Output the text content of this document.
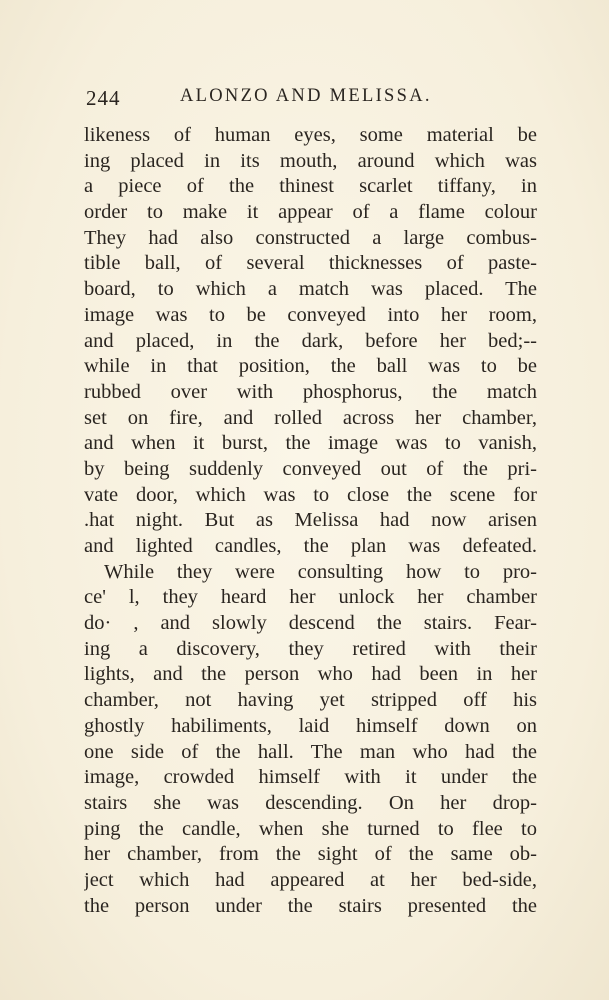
244	ALONZO AND MELISSA.
likeness of human eyes, some material be
ing placed in its mouth, around which was
a piece of the thinest scarlet tiffany, in
order to make it appear of a flame colour
They had also constructed a large combus-
tible ball, of several thicknesses of paste-
board, to which a match was placed. The
image was to be conveyed into her room,
and placed, in the dark, before her bed;--
while in that position, the ball was to be
rubbed over with phosphorus, the match
set on fire, and rolled across her chamber,
and when it burst, the image was to vanish,
by being suddenly conveyed out of the pri-
vate door, which was to close the scene for
.hat night. But as Melissa had now arisen
and lighted candles, the plan was defeated.
While they were consulting how to pro-
ce' l, they heard her unlock her chamber
do· , and slowly descend the stairs. Fear-
ing a discovery, they retired with their
lights, and the person who had been in her
chamber, not having yet stripped off his
ghostly habiliments, laid himself down on
one side of the hall. The man who had the
image, crowded himself with it under the
stairs she was descending. On her drop-
ping the candle, when she turned to flee to
her chamber, from the sight of the same ob-
ject which had appeared at her bed-side,
the person under the stairs presented the
